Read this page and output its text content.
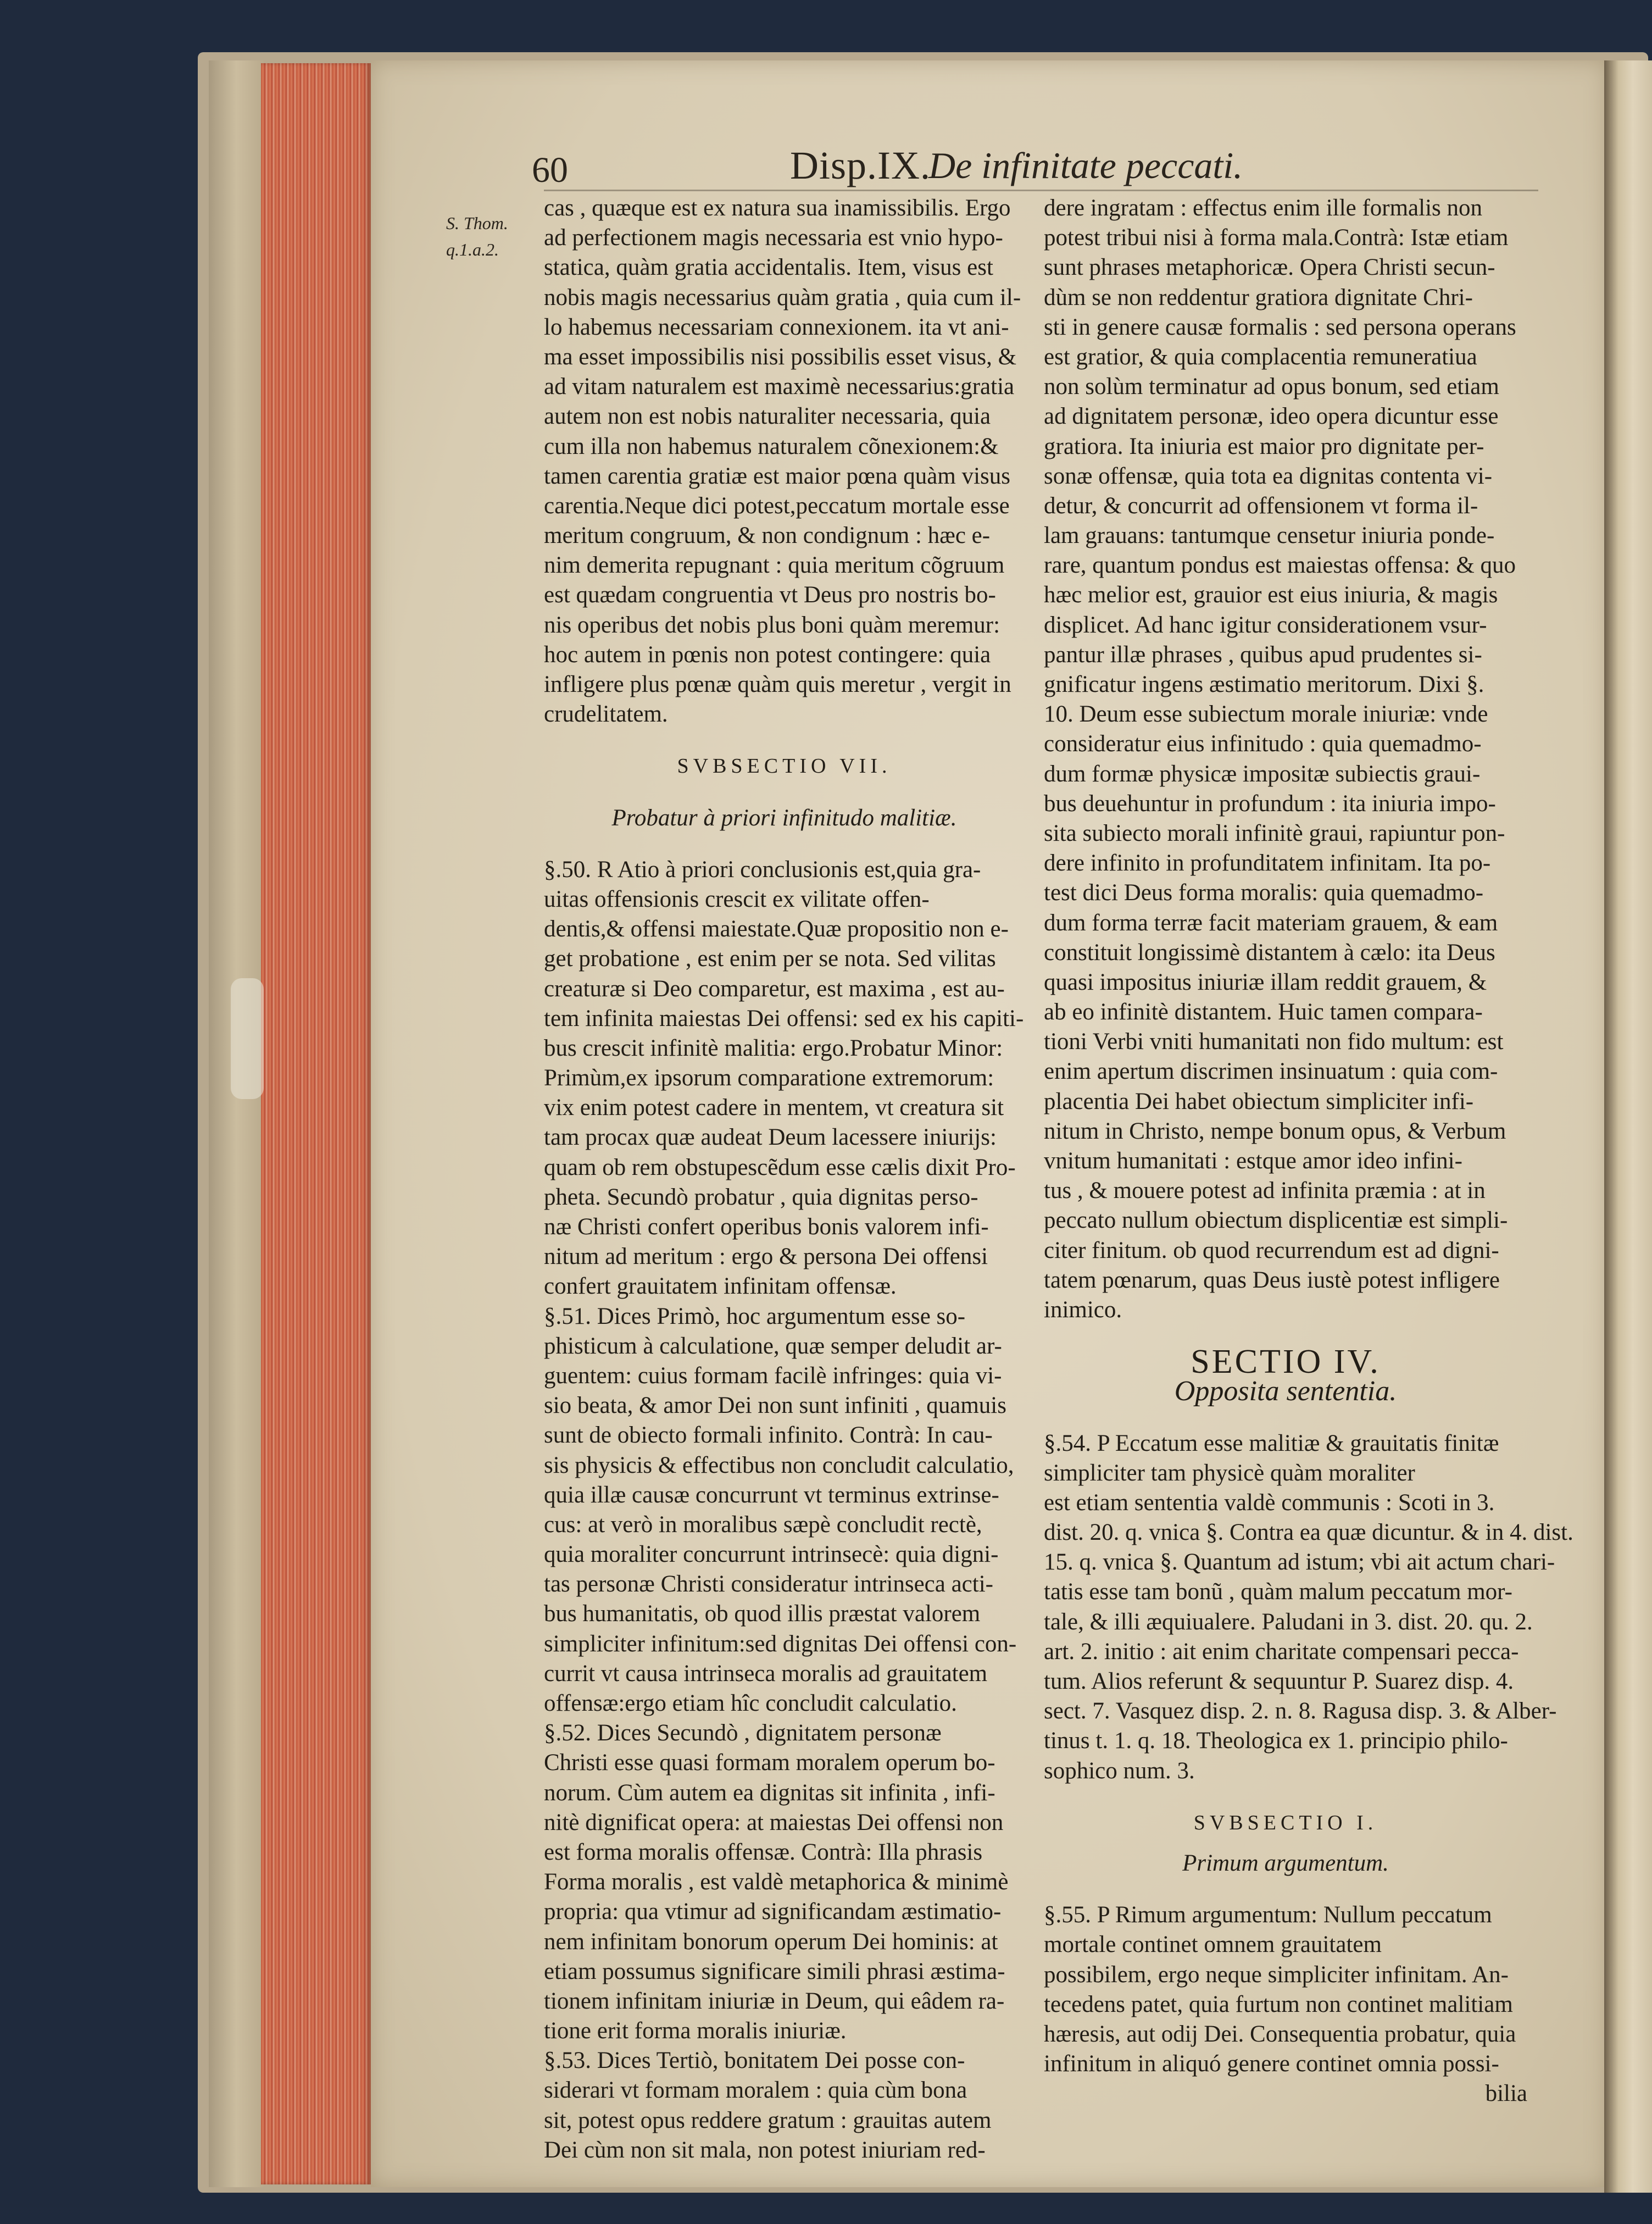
60	Disp.IX.
De infinitate peccati.
S. Thom.
q.1.a.2.
cas , quæque est ex natura sua inamissibilis. Ergo
ad perfectionem magis necessaria est vnio hypo-
statica, quàm gratia accidentalis. Item, visus est
nobis magis necessarius quàm gratia , quia cum il-
lo habemus necessariam connexionem. ita vt ani-
ma esset impossibilis nisi possibilis esset visus, &
ad vitam naturalem est maximè necessarius:gratia
autem non est nobis naturaliter necessaria, quia
cum illa non habemus naturalem cõnexionem:&
tamen carentia gratiæ est maior pœna quàm visus
carentia.Neque dici potest,peccatum mortale esse
meritum congruum, & non condignum : hæc e-
nim demerita repugnant : quia meritum cõgruum
est quædam congruentia vt Deus pro nostris bo-
nis operibus det nobis plus boni quàm meremur:
hoc autem in pœnis non potest contingere: quia
infligere plus pœnæ quàm quis meretur , vergit in
crudelitatem.
SVBSECTIO VII.
Probatur à priori infinitudo malitiæ.
§.50. R Atio à priori conclusionis est,quia gra-
uitas offensionis crescit ex vilitate offen-
dentis,& offensi maiestate.Quæ propositio non e-
get probatione , est enim per se nota. Sed vilitas
creaturæ si Deo comparetur, est maxima , est au-
tem infinita maiestas Dei offensi: sed ex his capiti-
bus crescit infinitè malitia: ergo.Probatur Minor:
Primùm,ex ipsorum comparatione extremorum:
vix enim potest cadere in mentem, vt creatura sit
tam procax quæ audeat Deum lacessere iniurijs:
quam ob rem obstupescẽdum esse cælis dixit Pro-
pheta. Secundò probatur , quia dignitas perso-
næ Christi confert operibus bonis valorem infi-
nitum ad meritum : ergo & persona Dei offensi
confert grauitatem infinitam offensæ.
§.51. Dices Primò, hoc argumentum esse so-
phisticum à calculatione, quæ semper deludit ar-
guentem: cuius formam facilè infringes: quia vi-
sio beata, & amor Dei non sunt infiniti , quamuis
sunt de obiecto formali infinito. Contrà: In cau-
sis physicis & effectibus non concludit calculatio,
quia illæ causæ concurrunt vt terminus extrinse-
cus: at verò in moralibus sæpè concludit rectè,
quia moraliter concurrunt intrinsecè: quia digni-
tas personæ Christi consideratur intrinseca acti-
bus humanitatis, ob quod illis præstat valorem
simpliciter infinitum:sed dignitas Dei offensi con-
currit vt causa intrinseca moralis ad grauitatem
offensæ:ergo etiam hîc concludit calculatio.
§.52. Dices Secundò , dignitatem personæ
Christi esse quasi formam moralem operum bo-
norum. Cùm autem ea dignitas sit infinita , infi-
nitè dignificat opera: at maiestas Dei offensi non
est forma moralis offensæ. Contrà: Illa phrasis
Forma moralis , est valdè metaphorica & minimè
propria: qua vtimur ad significandam æstimatio-
nem infinitam bonorum operum Dei hominis: at
etiam possumus significare simili phrasi æstima-
tionem infinitam iniuriæ in Deum, qui eâdem ra-
tione erit forma moralis iniuriæ.
§.53. Dices Tertiò, bonitatem Dei posse con-
siderari vt formam moralem : quia cùm bona
sit, potest opus reddere gratum : grauitas autem
Dei cùm non sit mala, non potest iniuriam red-
dere ingratam : effectus enim ille formalis non
potest tribui nisi à forma mala.Contrà: Istæ etiam
sunt phrases metaphoricæ. Opera Christi secun-
dùm se non reddentur gratiora dignitate Chri-
sti in genere causæ formalis : sed persona operans
est gratior, & quia complacentia remuneratiua
non solùm terminatur ad opus bonum, sed etiam
ad dignitatem personæ, ideo opera dicuntur esse
gratiora. Ita iniuria est maior pro dignitate per-
sonæ offensæ, quia tota ea dignitas contenta vi-
detur, & concurrit ad offensionem vt forma il-
lam grauans: tantumque censetur iniuria ponde-
rare, quantum pondus est maiestas offensa: & quo
hæc melior est, grauior est eius iniuria, & magis
displicet. Ad hanc igitur considerationem vsur-
pantur illæ phrases , quibus apud prudentes si-
gnificatur ingens æstimatio meritorum. Dixi §.
10. Deum esse subiectum morale iniuriæ: vnde
consideratur eius infinitudo : quia quemadmo-
dum formæ physicæ impositæ subiectis graui-
bus deuehuntur in profundum : ita iniuria impo-
sita subiecto morali infinitè graui, rapiuntur pon-
dere infinito in profunditatem infinitam. Ita po-
test dici Deus forma moralis: quia quemadmo-
dum forma terræ facit materiam grauem, & eam
constituit longissimè distantem à cælo: ita Deus
quasi impositus iniuriæ illam reddit grauem, &
ab eo infinitè distantem. Huic tamen compara-
tioni Verbi vniti humanitati non fido multum: est
enim apertum discrimen insinuatum : quia com-
placentia Dei habet obiectum simpliciter infi-
nitum in Christo, nempe bonum opus, & Verbum
vnitum humanitati : estque amor ideo infini-
tus , & mouere potest ad infinita præmia : at in
peccato nullum obiectum displicentiæ est simpli-
citer finitum. ob quod recurrendum est ad digni-
tatem pœnarum, quas Deus iustè potest infligere
inimico.
SECTIO IV.
Opposita sententia.
§.54. P Eccatum esse malitiæ & grauitatis finitæ
simpliciter tam physicè quàm moraliter
est etiam sententia valdè communis : Scoti in 3.
dist. 20. q. vnica §. Contra ea quæ dicuntur. & in 4. dist.
15. q. vnica §. Quantum ad istum; vbi ait actum chari-
tatis esse tam bonũ , quàm malum peccatum mor-
tale, & illi æquiualere. Paludani in 3. dist. 20. qu. 2.
art. 2. initio : ait enim charitate compensari pecca-
tum. Alios referunt & sequuntur P. Suarez disp. 4.
sect. 7. Vasquez disp. 2. n. 8. Ragusa disp. 3. & Alber-
tinus t. 1. q. 18. Theologica ex 1. principio philo-
sophico num. 3.
SVBSECTIO I.
Primum argumentum.
§.55. P Rimum argumentum: Nullum peccatum
mortale continet omnem grauitatem
possibilem, ergo neque simpliciter infinitam. An-
tecedens patet, quia furtum non continet malitiam
hæresis, aut odij Dei. Consequentia probatur, quia
infinitum in aliquó genere continet omnia possi-
bilia
